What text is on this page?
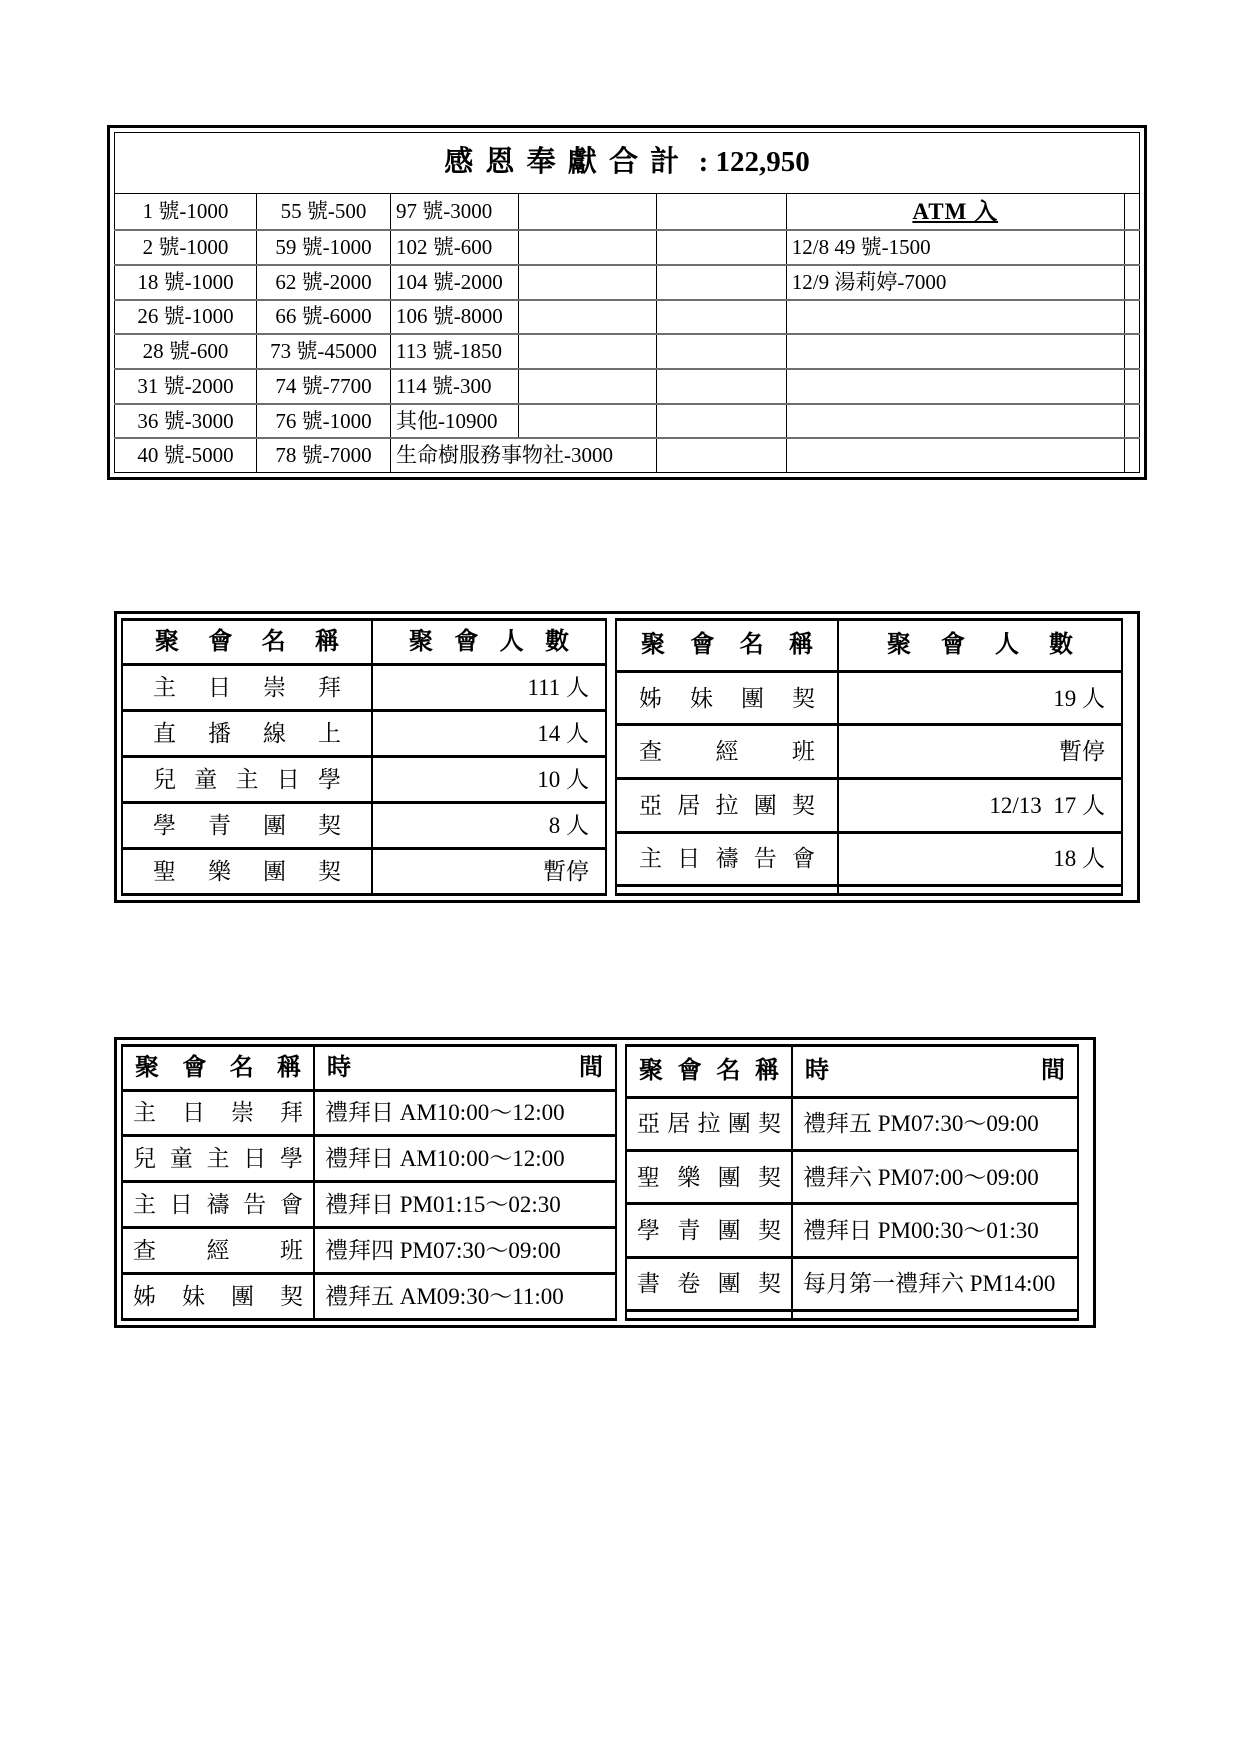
感恩奉獻合計 : 122,950						
1 號-1000	55 號-500	97 號-3000			ATM 入	
2 號-1000	59 號-1000	102 號-600			12/8 49 號-1500	
18 號-1000	62 號-2000	104 號-2000			12/9 湯莉婷-7000	
26 號-1000	66 號-6000	106 號-8000				
28 號-600	73 號-45000	113 號-1850				
31 號-2000	74 號-7700	114 號-300				
36 號-3000	76 號-1000	其他-10900				
40 號-5000	78 號-7000	生命樹服務事物社-3000				
聚會名稱	聚會人數
主日崇拜	111 人
直播線上	14 人
兒童主日學	10 人
學青團契	8 人
聖樂團契	暫停
聚會名稱	聚會人數
姊妹團契	19 人
查經班	暫停
亞居拉團契	12/13  17 人
主日禱告會	18 人

聚會名稱	時間
主日崇拜	禮拜日 AM10:00～12:00
兒童主日學	禮拜日 AM10:00～12:00
主日禱告會	禮拜日 PM01:15～02:30
查經班	禮拜四 PM07:30～09:00
姊妹團契	禮拜五 AM09:30～11:00
聚會名稱	時間
亞居拉團契	禮拜五 PM07:30～09:00
聖樂團契	禮拜六 PM07:00～09:00
學青團契	禮拜日 PM00:30～01:30
書卷團契	每月第一禮拜六 PM14:00
